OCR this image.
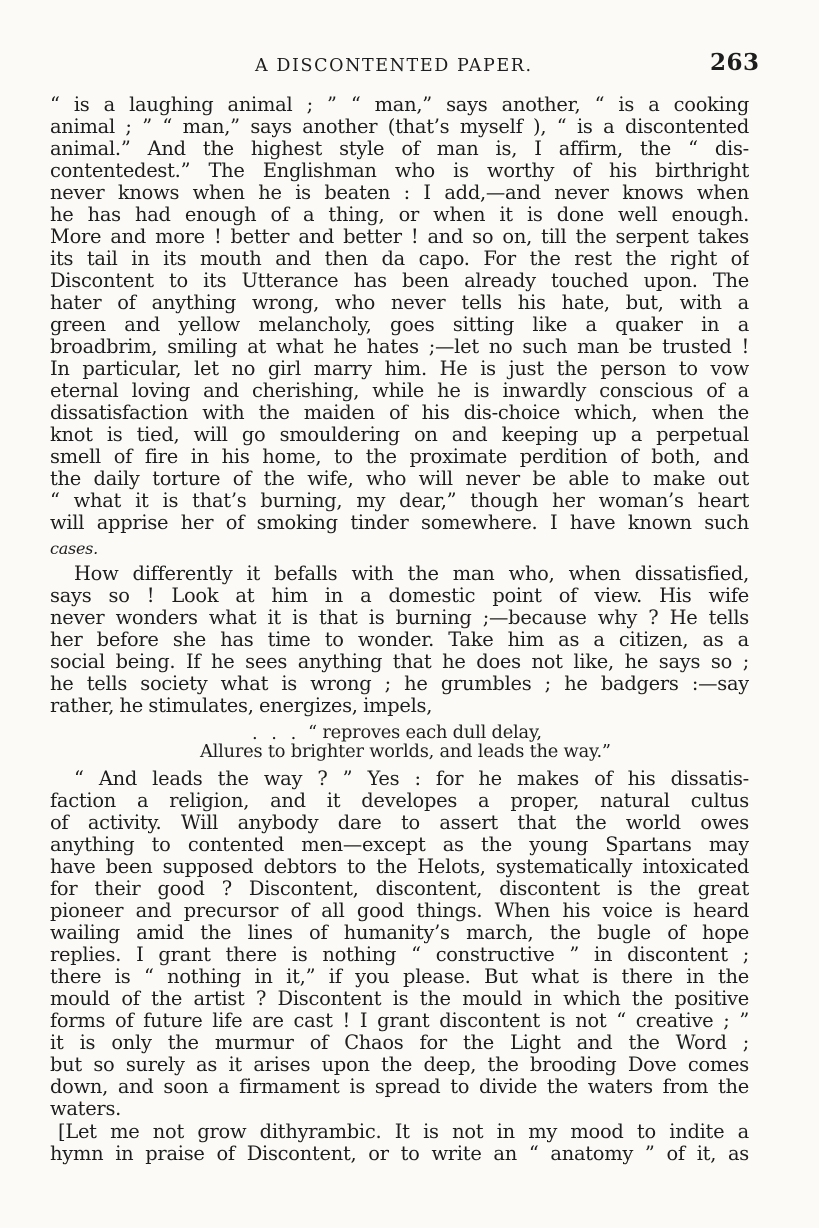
A DISCONTENTED PAPER.	263
“ is a laughing animal ; ” “ man,” says another, “ is a cooking
animal ; ” “ man,” says another (that’s myself ), “ is a discontented
animal.” And the highest style of man is, I affirm, the “ dis-
contentedest.” The Englishman who is worthy of his birthright
never knows when he is beaten : I add,—and never knows when
he has had enough of a thing, or when it is done well enough.
More and more ! better and better ! and so on, till the serpent takes
its tail in its mouth and then da capo. For the rest the right of
Discontent to its Utterance has been already touched upon. The
hater of anything wrong, who never tells his hate, but, with a
green and yellow melancholy, goes sitting like a quaker in a
broadbrim, smiling at what he hates ;—let no such man be trusted !
In particular, let no girl marry him. He is just the person to vow
eternal loving and cherishing, while he is inwardly conscious of a
dissatisfaction with the maiden of his dis-choice which, when the
knot is tied, will go smouldering on and keeping up a perpetual
smell of fire in his home, to the proximate perdition of both, and
the daily torture of the wife, who will never be able to make out
“ what it is that’s burning, my dear,” though her woman’s heart
will apprise her of smoking tinder somewhere. I have known such
cases.
How differently it befalls with the man who, when dissatisfied,
says so ! Look at him in a domestic point of view. His wife
never wonders what it is that is burning ;—because why ? He tells
her before she has time to wonder. Take him as a citizen, as a
social being. If he sees anything that he does not like, he says so ;
he tells society what is wrong ; he grumbles ; he badgers :—say
rather, he stimulates, energizes, impels,
. . . “ reproves each dull delay,
Allures to brighter worlds, and leads the way.”
“ And leads the way ? ” Yes : for he makes of his dissatis-
faction a religion, and it developes a proper, natural cultus
of activity. Will anybody dare to assert that the world owes
anything to contented men—except as the young Spartans may
have been supposed debtors to the Helots, systematically intoxicated
for their good ? Discontent, discontent, discontent is the great
pioneer and precursor of all good things. When his voice is heard
wailing amid the lines of humanity’s march, the bugle of hope
replies. I grant there is nothing “ constructive ” in discontent ;
there is “ nothing in it,” if you please. But what is there in the
mould of the artist ? Discontent is the mould in which the positive
forms of future life are cast ! I grant discontent is not “ creative ; ”
it is only the murmur of Chaos for the Light and the Word ;
but so surely as it arises upon the deep, the brooding Dove comes
down, and soon a firmament is spread to divide the waters from the
waters.
[Let me not grow dithyrambic. It is not in my mood to indite a
hymn in praise of Discontent, or to write an “ anatomy ” of it, as
